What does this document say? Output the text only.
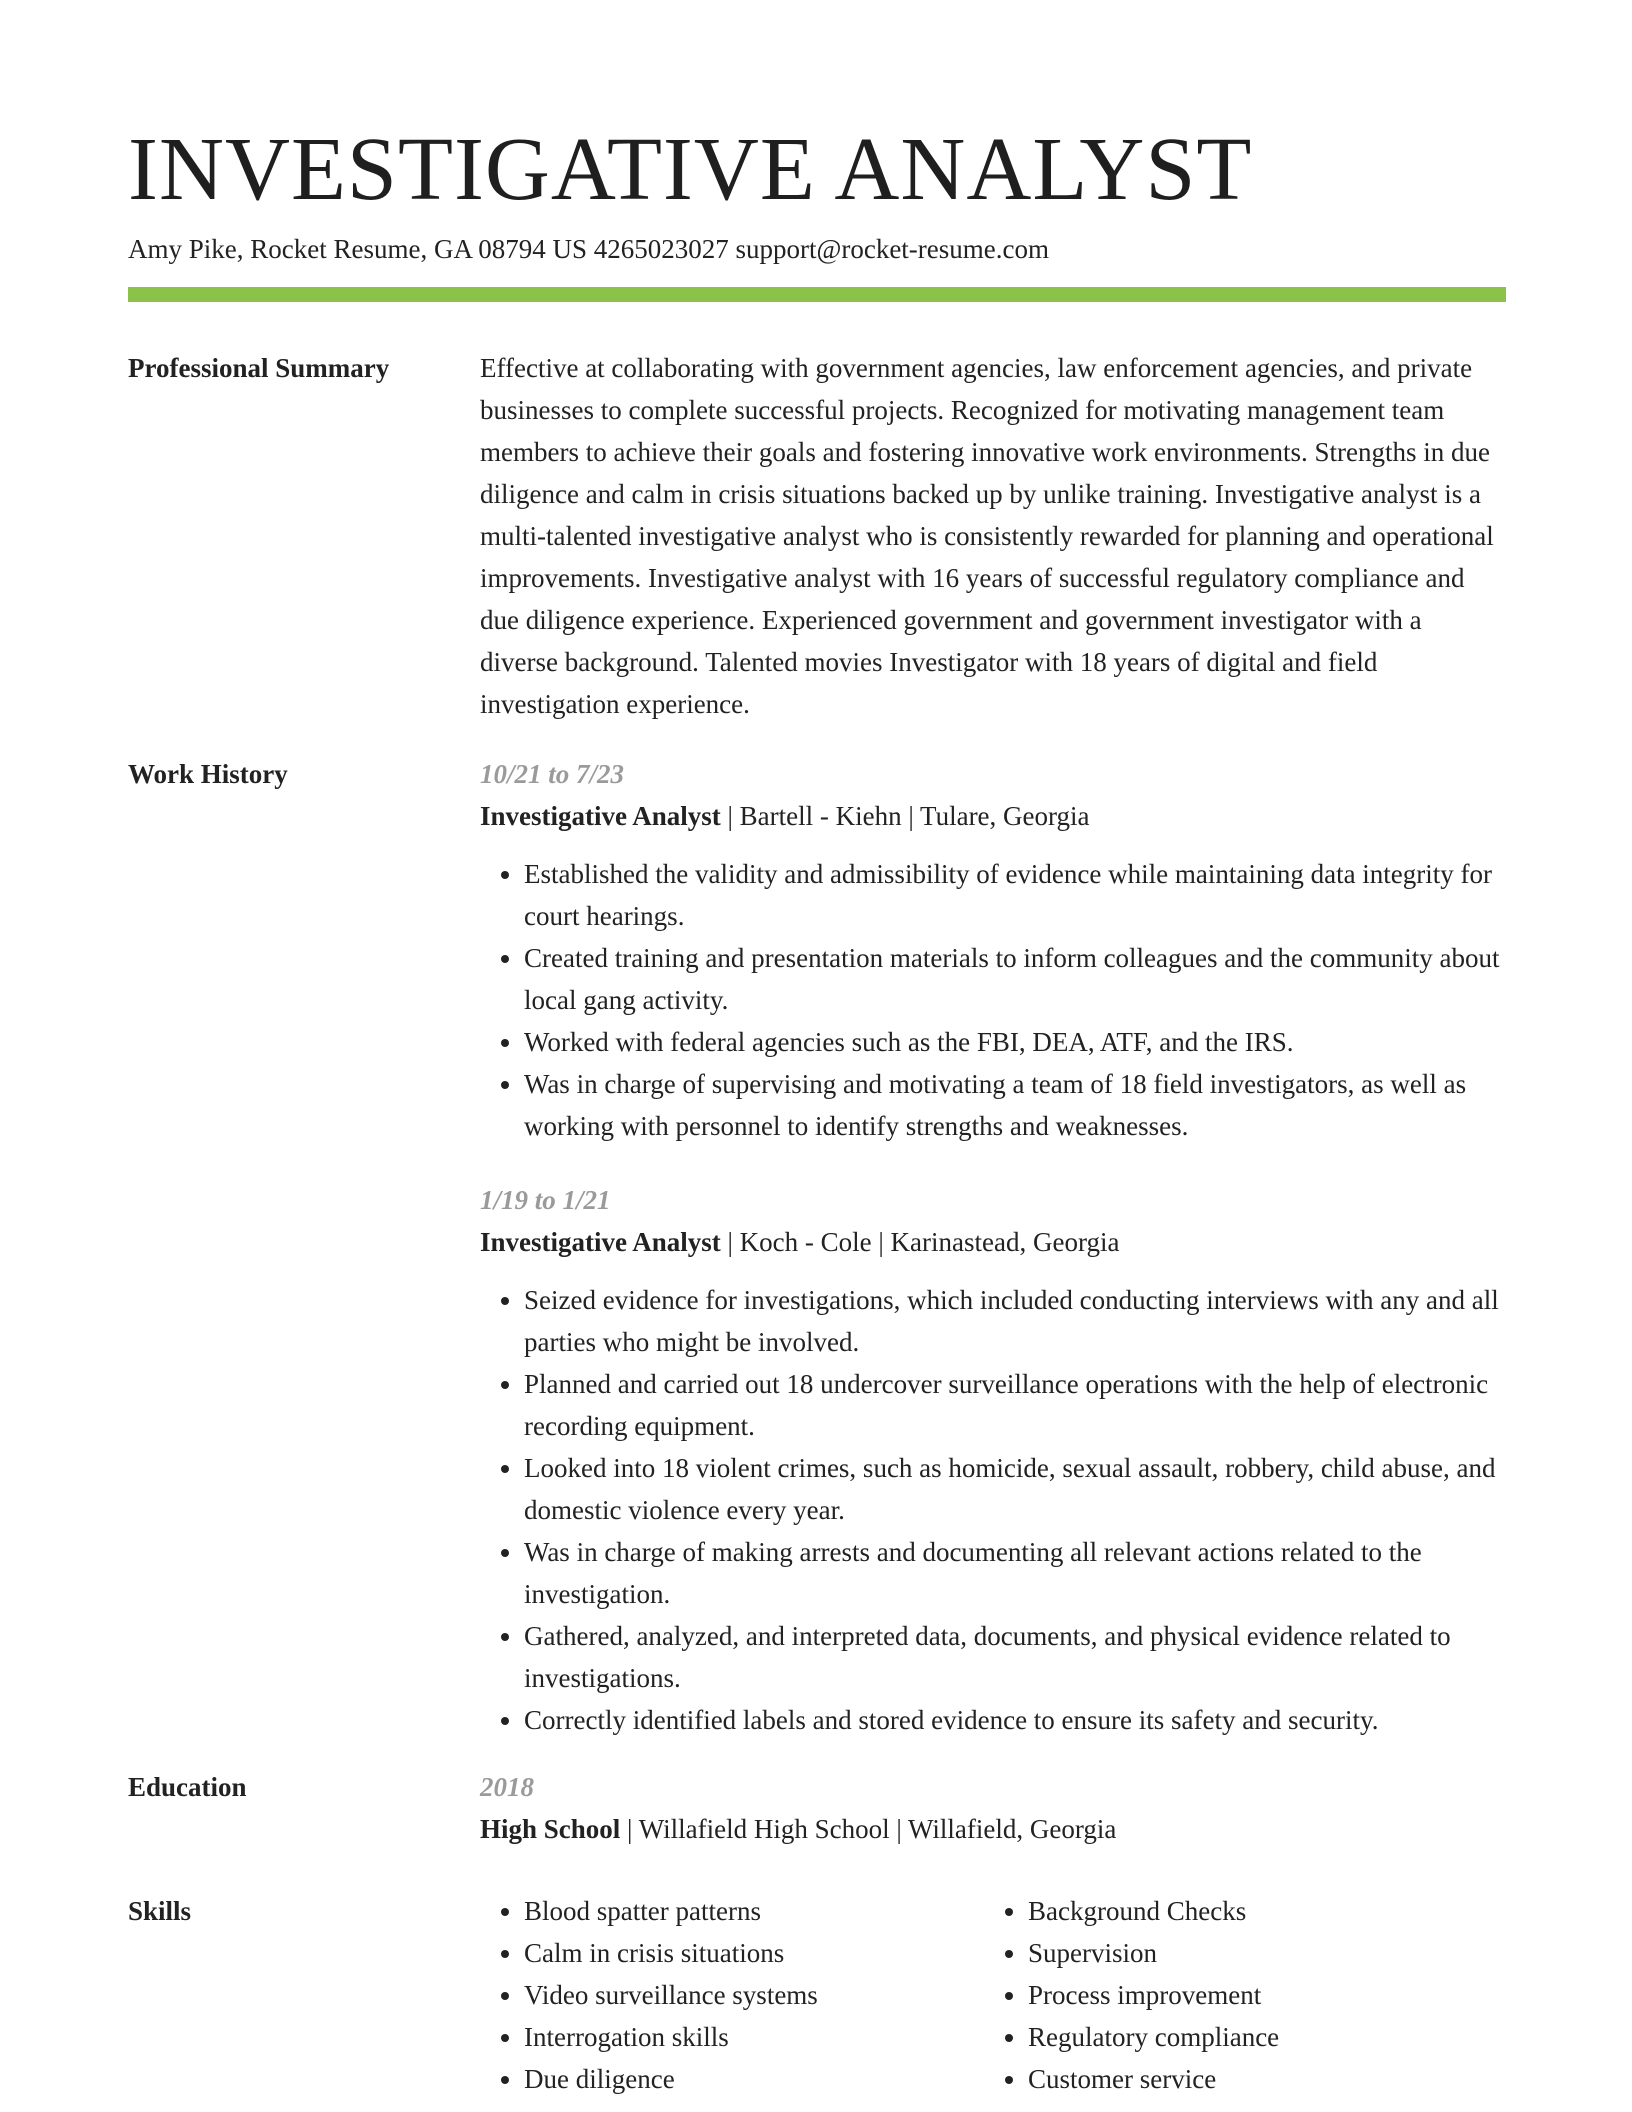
INVESTIGATIVE ANALYST
Amy Pike, Rocket Resume, GA 08794 US 4265023027 support@rocket-resume.com
Professional Summary	Effective at collaborating with government agencies, law enforcement agencies, and private businesses to complete successful projects. Recognized for motivating management team members to achieve their goals and fostering innovative work environments. Strengths in due diligence and calm in crisis situations backed up by unlike training. Investigative analyst is a multi-talented investigative analyst who is consistently rewarded for planning and operational improvements. Investigative analyst with 16 years of successful regulatory compliance and due diligence experience. Experienced government and government investigator with a diverse background. Talented movies Investigator with 18 years of digital and field investigation experience.

Work History	10/21 to 7/23
Investigative Analyst | Bartell - Kiehn | Tulare, Georgia
• Established the validity and admissibility of evidence while maintaining data integrity for court hearings.
• Created training and presentation materials to inform colleagues and the community about local gang activity.
• Worked with federal agencies such as the FBI, DEA, ATF, and the IRS.
• Was in charge of supervising and motivating a team of 18 field investigators, as well as working with personnel to identify strengths and weaknesses.
1/19 to 1/21
Investigative Analyst | Koch - Cole | Karinastead, Georgia
• Seized evidence for investigations, which included conducting interviews with any and all parties who might be involved.
• Planned and carried out 18 undercover surveillance operations with the help of electronic recording equipment.
• Looked into 18 violent crimes, such as homicide, sexual assault, robbery, child abuse, and domestic violence every year.
• Was in charge of making arrests and documenting all relevant actions related to the investigation.
• Gathered, analyzed, and interpreted data, documents, and physical evidence related to investigations.
• Correctly identified labels and stored evidence to ensure its safety and security.
Education	2018
High School | Willafield High School | Willafield, Georgia
Skills
•	Blood spatter patterns
• Calm in crisis situations
• Video surveillance systems
• Interrogation skills
• Due diligence
• Background Checks
• Supervision
• Process improvement
• Regulatory compliance
• Customer service
